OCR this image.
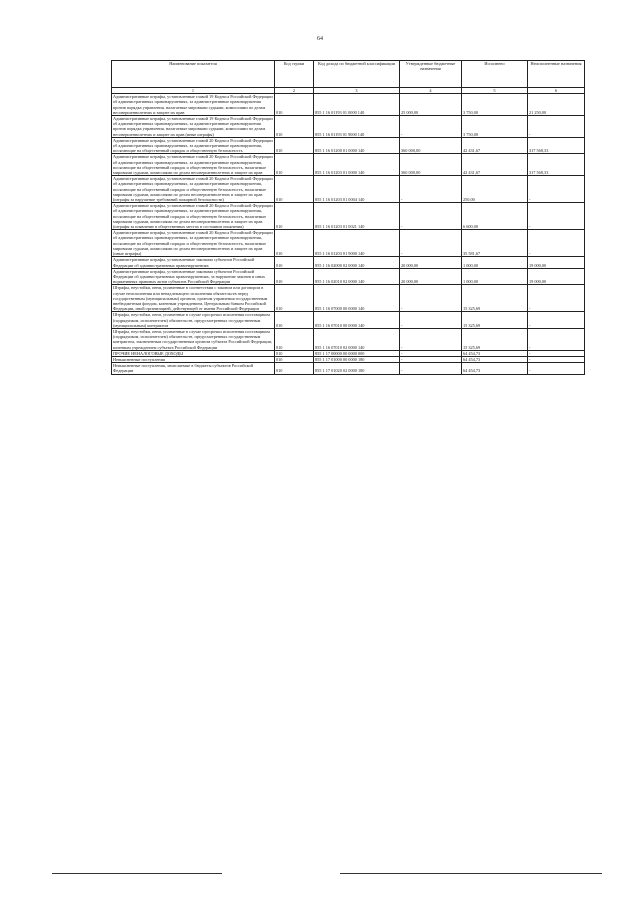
64
Наименование показателя	Код строки	Код дохода по бюджетной классификации	Утвержденные бюджетные назначения	Исполнено	Неисполненные назначения
1	2	3	4	5	6
Административные штрафы, установленные главой 19 Кодекса Российской Федерации об административных правонарушениях, за административные правонарушения против порядка управления, налагаемые мировыми судьями, комиссиями по делам несовершеннолетних и защите их прав	010	855 1 16 01193 01 0000 140	25 000,00	3 750,00	21 250,00
Административные штрафы, установленные главой 19 Кодекса Российской Федерации об административных правонарушениях, за административные правонарушения против порядка управления, налагаемые мировыми судьями, комиссиями по делам несовершеннолетних и защите их прав (иные штрафы)	010	855 1 16 01193 01 9000 140	-	3 750,00	-
Административные штрафы, установленные главой 20 Кодекса Российской Федерации об административных правонарушениях, за административные правонарушения, посягающие на общественный порядок и общественную безопасность	010	855 1 16 01200 01 0000 140	360 000,00	42 431,67	317 568,33
Административные штрафы, установленные главой 20 Кодекса Российской Федерации об административных правонарушениях, за административные правонарушения, посягающие на общественный порядок и общественную безопасность, налагаемые мировыми судьями, комиссиями по делам несовершеннолетних и защите их прав	010	855 1 16 01203 01 0000 140	360 000,00	42 431,67	317 568,33
Административные штрафы, установленные главой 20 Кодекса Российской Федерации об административных правонарушениях, за административные правонарушения, посягающие на общественный порядок и общественную безопасность, налагаемые мировыми судьями, комиссиями по делам несовершеннолетних и защите их прав (штрафы за нарушение требований пожарной безопасности)	010	855 1 16 01203 01 0004 140	-	250,00	-
Административные штрафы, установленные главой 20 Кодекса Российской Федерации об административных правонарушениях, за административные правонарушения, посягающие на общественный порядок и общественную безопасность, налагаемые мировыми судьями, комиссиями по делам несовершеннолетних и защите их прав (штрафы за появление в общественных местах в состоянии опьянения)	010	855 1 16 01203 01 0021 140	-	6 600,00	-
Административные штрафы, установленные главой 20 Кодекса Российской Федерации об административных правонарушениях, за административные правонарушения, посягающие на общественный порядок и общественную безопасность, налагаемые мировыми судьями, комиссиями по делам несовершеннолетних и защите их прав (иные штрафы)	010	855 1 16 01203 01 9000 140	-	35 581,67	-
Административные штрафы, установленные законами субъектов Российской Федерации об административных правонарушениях	010	855 1 16 02000 02 0000 140	20 000,00	1 000,00	19 000,00
Административные штрафы, установленные законами субъектов Российской Федерации об административных правонарушениях, за нарушение законов и иных нормативных правовых актов субъектов Российской Федерации	010	855 1 16 02010 02 0000 140	20 000,00	1 000,00	19 000,00
Штрафы, неустойки, пени, уплаченные в соответствии с законом или договором в случае неисполнения или ненадлежащего исполнения обязательств перед государственным (муниципальным) органом, органом управления государственным внебюджетным фондом, казенным учреждением, Центральным банком Российской Федерации, иной организацией, действующей от имени Российской Федерации	010	855 1 16 07000 00 0000 140	-	15 325,69	-
Штрафы, неустойки, пени, уплаченные в случае просрочки исполнения поставщиком (подрядчиком, исполнителем) обязательств, предусмотренных государственным (муниципальным) контрактом	010	855 1 16 07010 00 0000 140	-	15 325,69	-
Штрафы, неустойки, пени, уплаченные в случае просрочки исполнения поставщиком (подрядчиком, исполнителем) обязательств, предусмотренных государственным контрактом, заключенным государственным органом субъекта Российской Федерации, казенным учреждением субъекта Российской Федерации	010	855 1 16 07010 02 0000 140	-	15 325,69	-
ПРОЧИЕ НЕНАЛОГОВЫЕ ДОХОДЫ	010	855 1 17 00000 00 0000 000	-	64 454,73	-
Невыясненные поступления	010	855 1 17 01000 00 0000 180	-	64 454,73	-
Невыясненные поступления, зачисляемые в бюджеты субъектов Российской Федерации	010	855 1 17 01020 02 0000 180	-	64 454,73	-
